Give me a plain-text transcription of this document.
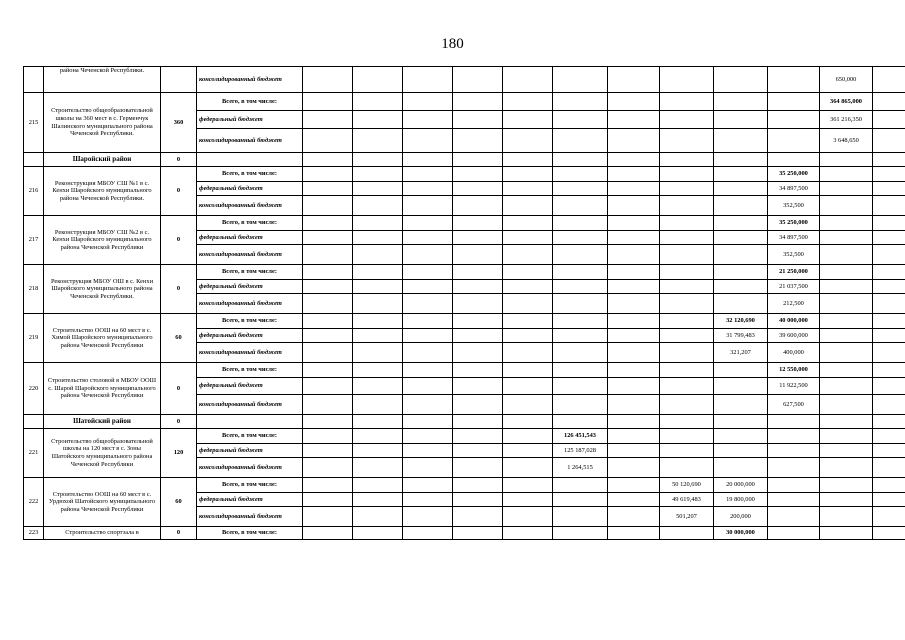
180
	района Чеченской Республики.		консолидированный бюджет											650,000	
215	Строительство общеобразовательной школы на 360 мест в с. Герменчук Шалинского муниципального района Чеченской Республики.	360	Всего, в том числе:											364 865,000	
			федеральный бюджет											361 216,350	
			консолидированный бюджет											3 648,650	
	Шаройский район	0													
216	Реконструкция МБОУ СШ №1 в с. Кенхи Шаройского муниципального района Чеченской Республики.	0	Всего, в том числе:										35 250,000		
			федеральный бюджет										34 897,500		
			консолидированный бюджет										352,500		
217	Реконструкция МБОУ СШ №2 в с. Кенхи Шаройского муниципального района Чеченской Республики	0	Всего, в том числе:										35 250,000		
			федеральный бюджет										34 897,500		
			консолидированный бюджет										352,500		
218	Реконструкция МБОУ ОШ в с. Кенхи Шаройского муниципального района Чеченской Республики.	0	Всего, в том числе:										21 250,000		
			федеральный бюджет										21 037,500		
			консолидированный бюджет										212,500		
219	Строительство ООШ на 60 мест в с. Химой Шаройского муниципального района Чеченской Республики	60	Всего, в том числе:									32 120,690	40 000,000		
			федеральный бюджет									31 799,483	39 600,000		
			консолидированный бюджет									321,207	400,000		
220	Строительство столовой в МБОУ ООШ с. Шарой Шаройского муниципального района Чеченской Республики	0	Всего, в том числе:										12 550,000		
			федеральный бюджет										11 922,500		
			консолидированный бюджет										627,500		
	Шатойский район	0													
221	Строительство общеобразовательной школы на 120 мест в с. Зоны Шатойского муниципального района Чеченской Республики	120	Всего, в том числе:						126 451,543						
			федеральный бюджет						125 187,028						
			консолидированный бюджет						1 264,515						
222	Строительство ООШ на 60 мест в с. Урдюхой Шатойского муниципального района Чеченской Республики	60	Всего, в том числе:								50 120,690	20 000,000			
			федеральный бюджет								49 619,483	19 800,000			
			консолидированный бюджет								501,207	200,000			
223	Строительство спортзала в	0	Всего, в том числе:									30 000,000			
